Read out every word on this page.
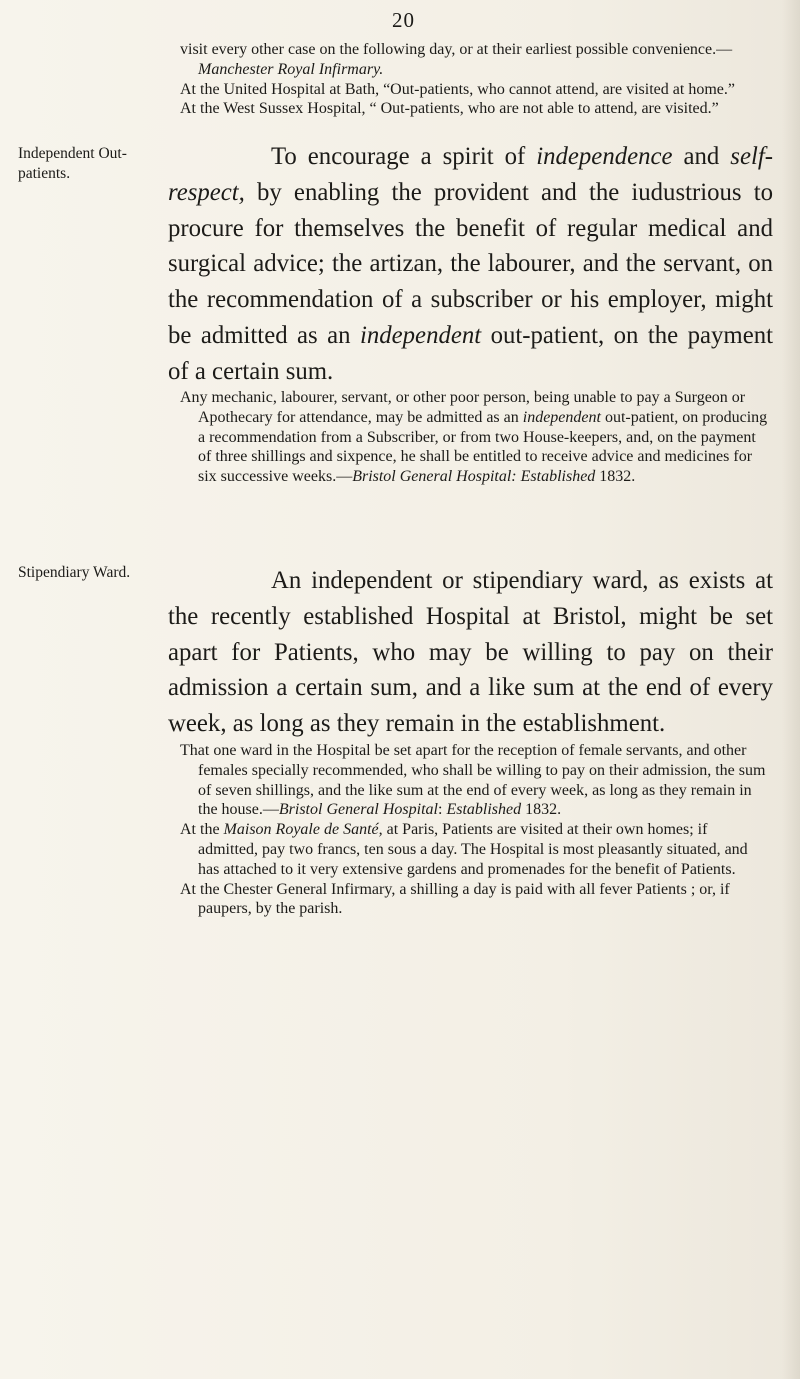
20

visit every other case on the following day, or at their earliest possible convenience.—Manchester Royal Infirmary.

At the United Hospital at Bath, “Out-patients, who cannot attend, are visited at home.”

At the West Sussex Hospital, “ Out-patients, who are not able to attend, are visited.”

Independent Out-patients.

To encourage a spirit of independence and self-respect, by enabling the provident and the iudustrious to procure for themselves the benefit of regular medical and surgical advice; the artizan, the labourer, and the servant, on the recommendation of a subscriber or his employer, might be admitted as an independent out-patient, on the payment of a certain sum.

Any mechanic, labourer, servant, or other poor person, being unable to pay a Surgeon or Apothecary for attendance, may be admitted as an independent out-patient, on producing a recommendation from a Subscriber, or from two House-keepers, and, on the payment of three shillings and sixpence, he shall be entitled to receive advice and medicines for six successive weeks.—Bristol General Hospital: Established 1832.

Stipendiary Ward.	An independent or stipendiary ward, as exists at the recently established Hospital at Bristol, might be set apart for Patients, who may be willing to pay on their admission a certain sum, and a like sum at the end of every week, as long as they remain in the establishment.

That one ward in the Hospital be set apart for the reception of female servants, and other females specially recommended, who shall be willing to pay on their admission, the sum of seven shillings, and the like sum at the end of every week, as long as they remain in the house.—Bristol General Hospital: Established 1832.

At the Maison Royale de Santé, at Paris, Patients are visited at their own homes; if admitted, pay two francs, ten sous a day. The Hospital is most pleasantly situated, and has attached to it very extensive gardens and promenades for the benefit of Patients.

At the Chester General Infirmary, a shilling a day is paid with all fever Patients ; or, if paupers, by the parish.
